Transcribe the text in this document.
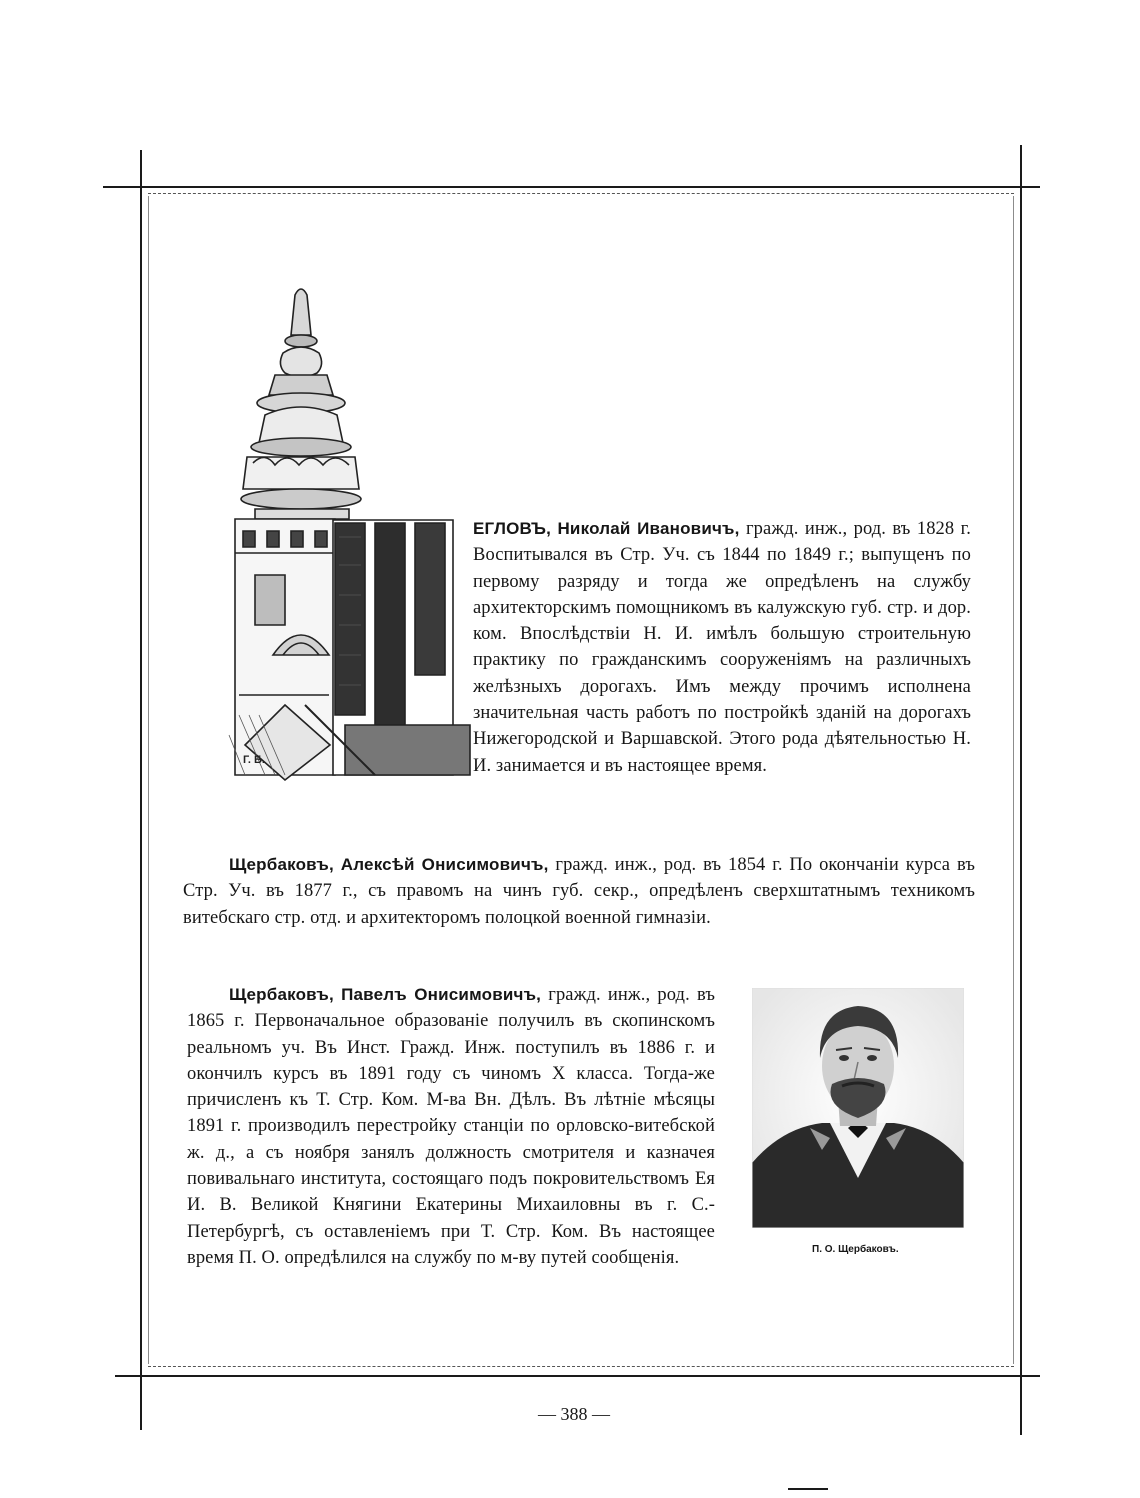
Г. Б.
ЕГЛОВЪ, Николай Ивановичъ, гражд. инж., род. въ 1828 г. Воспитывался въ Стр. Уч. съ 1844 по 1849 г.; выпущенъ по первому разряду и тогда же опредѣленъ на службу архитекторскимъ помощникомъ въ калужскую губ. стр. и дор. ком. Впослѣдствіи Н. И. имѣлъ большую строительную практику по гражданскимъ сооруженіямъ на различныхъ желѣзныхъ дорогахъ. Имъ между прочимъ исполнена значительная часть работъ по постройкѣ зданій на дорогахъ Нижегородской и Варшавской. Этого рода дѣятельностью Н. И. занимается и въ настоящее время.
Щербаковъ, Алексѣй Онисимовичъ, гражд. инж., род. въ 1854 г. По окончаніи курса въ Стр. Уч. въ 1877 г., съ правомъ на чинъ губ. секр., опредѣленъ сверхштатнымъ техникомъ витебскаго стр. отд. и архитекторомъ полоцкой военной гимназіи.
Щербаковъ, Павелъ Онисимовичъ, гражд. инж., род. въ 1865 г. Первоначальное образованіе получилъ въ скопинскомъ реальномъ уч. Въ Инст. Гражд. Инж. поступилъ въ 1886 г. и окончилъ курсъ въ 1891 году съ чиномъ X класса. Тогда-же причисленъ къ Т. Стр. Ком. М-ва Вн. Дѣлъ. Въ лѣтніе мѣсяцы 1891 г. производилъ перестройку станціи по орловско-витебской ж. д., а съ ноября занялъ должность смотрителя и казначея повивальнаго института, состоящаго подъ покровительствомъ Ея И. В. Великой Княгини Екатерины Михаиловны въ г. С.-Петербургѣ, съ оставленіемъ при Т. Стр. Ком. Въ настоящее время П. О. опредѣлился на службу по м-ву путей сообщенія.	П. О. Щербаковъ.
— 388 —
